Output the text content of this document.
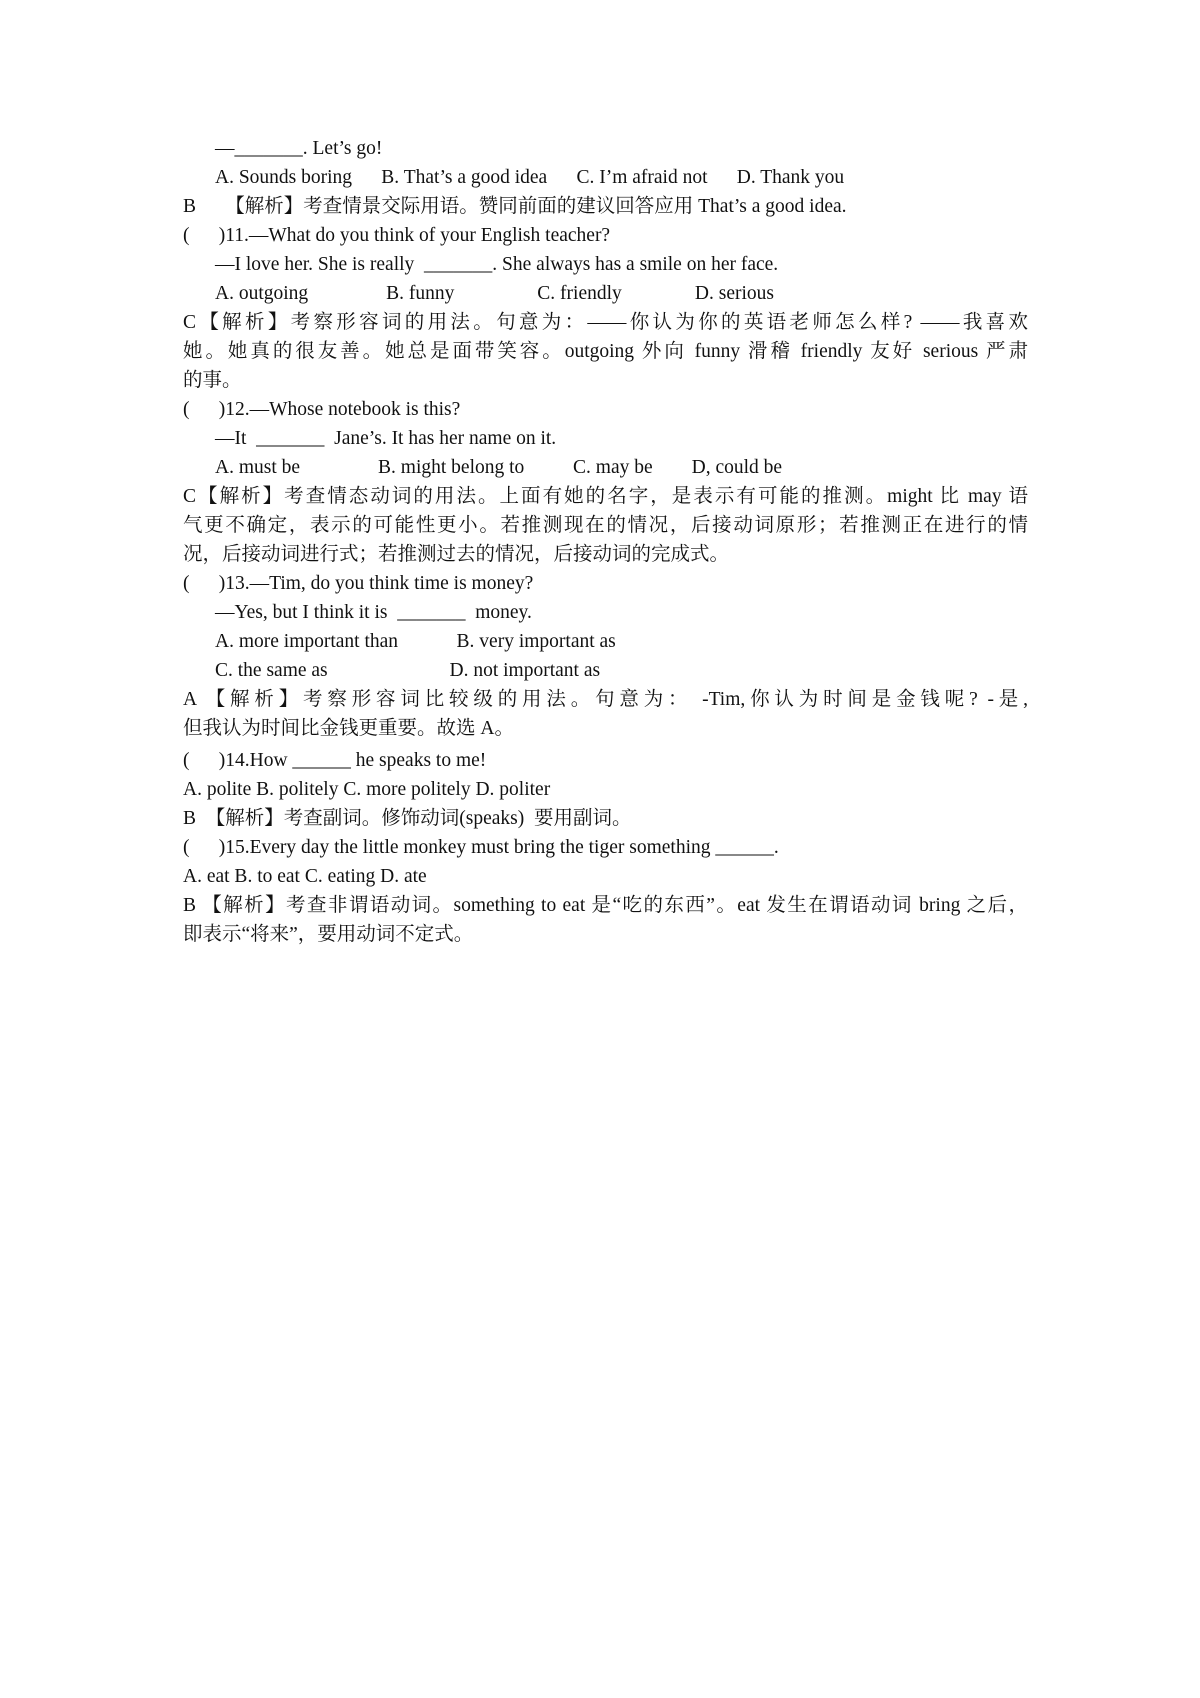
—_______. Let’s go!
A. Sounds boring      B. That’s a good idea      C. I’m afraid not      D. Thank you
B      【解析】考查情景交际用语。赞同前面的建议回答应用 That’s a good idea.
(      )11.—What do you think of your English teacher?
—I love her. She is really  _______. She always has a smile on her face.
A. outgoing                B. funny                 C. friendly               D. serious
C【解析】考察形容词的用法。句意为：——你认为你的英语老师怎么样? ——我喜欢
她。她真的很友善。她总是面带笑容。outgoing 外向 funny 滑稽 friendly 友好 serious 严肃
的事。
(      )12.—Whose notebook is this?
—It  _______  Jane’s. It has her name on it.
A. must be                B. might belong to          C. may be        D, could be
C【解析】考查情态动词的用法。上面有她的名字，是表示有可能的推测。might 比 may 语
气更不确定，表示的可能性更小。若推测现在的情况，后接动词原形；若推测正在进行的情
况，后接动词进行式；若推测过去的情况，后接动词的完成式。
(      )13.—Tim, do you think time is money?
—Yes, but I think it is  _______  money.
A. more important than            B. very important as
C. the same as                         D. not important as
A 【解析】考察形容词比较级的用法。句意为： -Tim,你认为时间是金钱呢? -是,
但我认为时间比金钱更重要。故选 A。
(      )14.How ______ he speaks to me!
A. polite B. politely C. more politely D. politer
B  【解析】考查副词。修饰动词(speaks)  要用副词。
(      )15.Every day the little monkey must bring the tiger something ______.
A. eat B. to eat C. eating D. ate
B 【解析】考查非谓语动词。something to eat 是“吃的东西”。eat 发生在谓语动词 bring 之后，
即表示“将来”，要用动词不定式。
